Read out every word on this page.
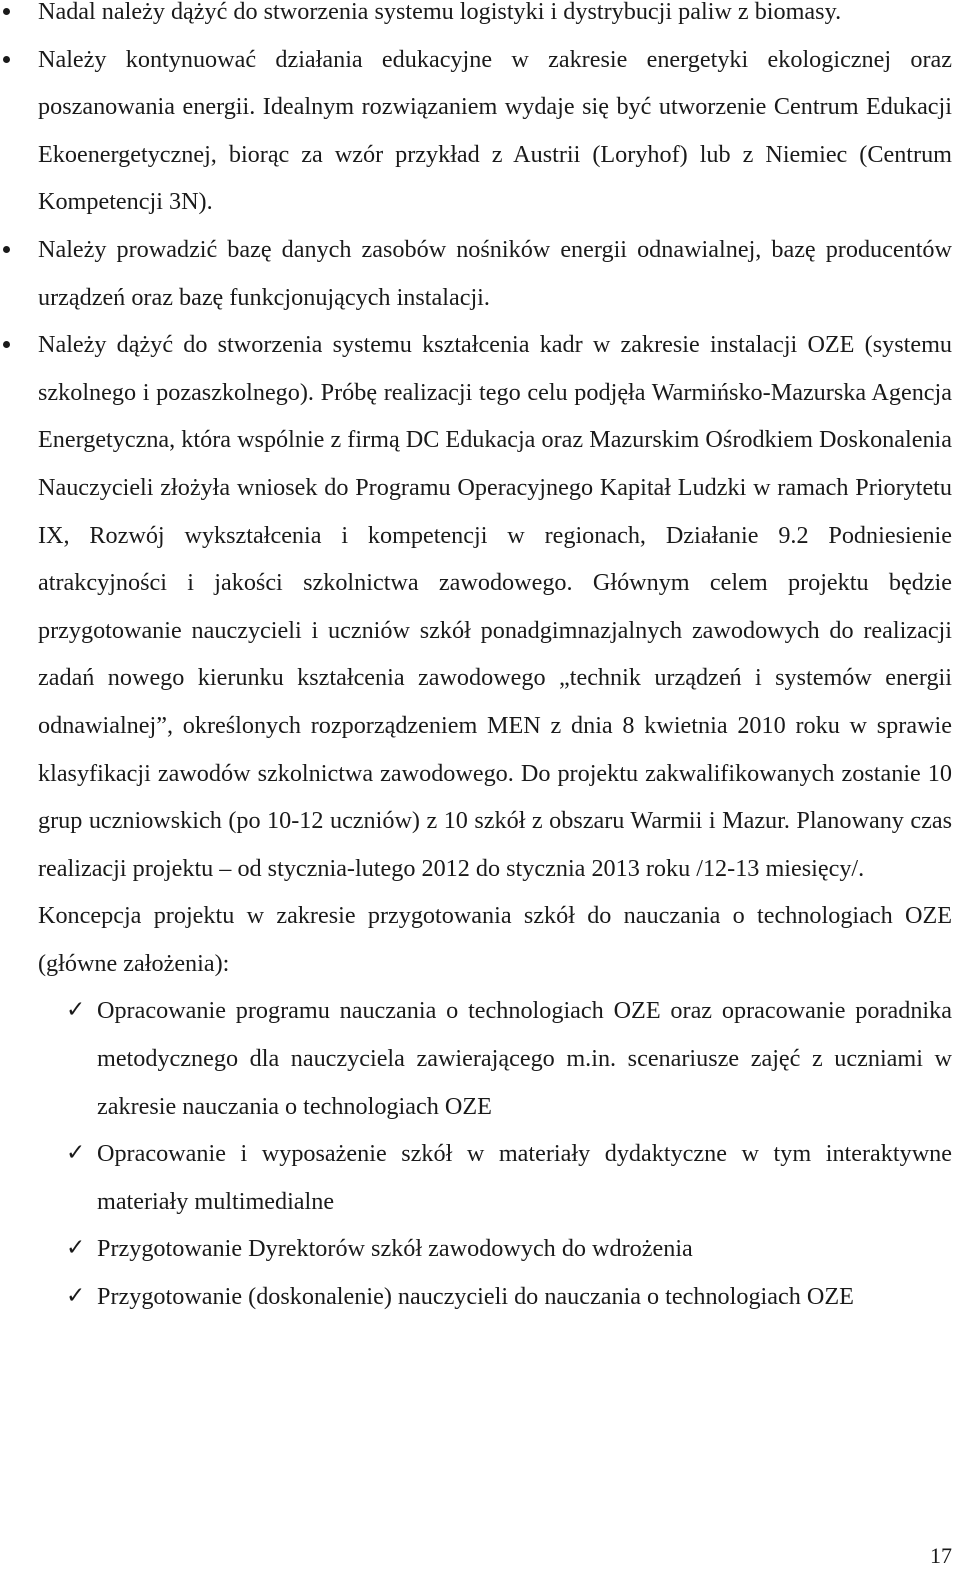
Nadal należy dążyć do stworzenia systemu logistyki i dystrybucji paliw z biomasy.
Należy kontynuować działania edukacyjne w zakresie energetyki ekologicznej oraz poszanowania energii. Idealnym rozwiązaniem wydaje się być utworzenie Centrum Edukacji Ekoenergetycznej, biorąc za wzór przykład z Austrii (Loryhof) lub z Niemiec (Centrum Kompetencji 3N).
Należy prowadzić bazę danych zasobów nośników energii odnawialnej, bazę producentów urządzeń oraz bazę funkcjonujących instalacji.
Należy dążyć do stworzenia systemu kształcenia kadr w zakresie instalacji OZE (systemu szkolnego i pozaszkolnego). Próbę realizacji tego celu podjęła Warmińsko-Mazurska Agencja Energetyczna, która wspólnie z firmą DC Edukacja oraz Mazurskim Ośrodkiem Doskonalenia Nauczycieli złożyła wniosek do Programu Operacyjnego Kapitał Ludzki w ramach Priorytetu IX, Rozwój wykształcenia i kompetencji w regionach, Działanie 9.2 Podniesienie atrakcyjności i jakości szkolnictwa zawodowego. Głównym celem projektu będzie przygotowanie nauczycieli i uczniów szkół ponadgimnazjalnych zawodowych do realizacji zadań nowego kierunku kształcenia zawodowego „technik urządzeń i systemów energii odnawialnej”, określonych rozporządzeniem MEN z dnia 8 kwietnia 2010 roku w sprawie klasyfikacji zawodów szkolnictwa zawodowego. Do projektu zakwalifikowanych zostanie 10 grup uczniowskich (po 10-12 uczniów) z 10 szkół z obszaru Warmii i Mazur. Planowany czas realizacji projektu – od stycznia-lutego 2012 do stycznia 2013 roku /12-13 miesięcy/.

Koncepcja projektu w zakresie przygotowania szkół do nauczania o technologiach OZE (główne założenia):

✓ Opracowanie programu nauczania o technologiach OZE oraz opracowanie poradnika metodycznego dla nauczyciela zawierającego m.in. scenariusze zajęć z uczniami w zakresie nauczania o technologiach OZE
✓ Opracowanie i wyposażenie szkół w materiały dydaktyczne w tym interaktywne materiały multimedialne
✓ Przygotowanie Dyrektorów szkół zawodowych do wdrożenia
✓ Przygotowanie (doskonalenie) nauczycieli do nauczania o technologiach OZE
17
